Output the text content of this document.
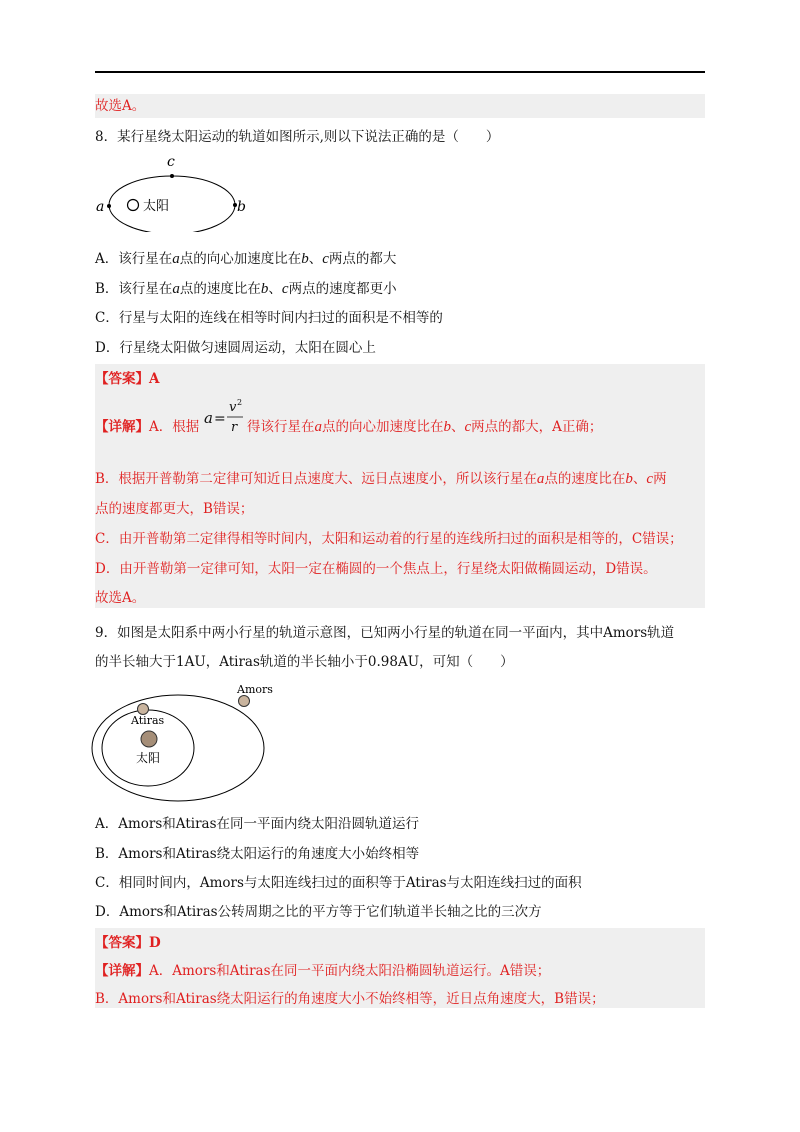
故选A。
8．某行星绕太阳运动的轨道如图所示,则以下说法正确的是（　　）
a	b
c
太阳
A．该行星在a点的向心加速度比在b、c两点的都大
B．该行星在a点的速度比在b、c两点的速度都更小
C．行星与太阳的连线在相等时间内扫过的面积是不相等的
D．行星绕太阳做匀速圆周运动，太阳在圆心上
【答案】A
【详解】A．根据 a =
v 2
r 得该行星在a点的向心加速度比在b、c两点的都大，A正确；
B．根据开普勒第二定律可知近日点速度大、远日点速度小，所以该行星在a点的速度比在b、c两
点的速度都更大，B错误；
C．由开普勒第二定律得相等时间内，太阳和运动着的行星的连线所扫过的面积是相等的，C错误；
D．由开普勒第一定律可知，太阳一定在椭圆的一个焦点上，行星绕太阳做椭圆运动，D错误。
故选A。
9．如图是太阳系中两小行星的轨道示意图，已知两小行星的轨道在同一平面内，其中Amors轨道
的半长轴大于1AU，Atiras轨道的半长轴小于0.98AU，可知（　　）
Amors
Atiras
太阳
A．Amors和Atiras在同一平面内绕太阳沿圆轨道运行
B．Amors和Atiras绕太阳运行的角速度大小始终相等
C．相同时间内，Amors与太阳连线扫过的面积等于Atiras与太阳连线扫过的面积
D．Amors和Atiras公转周期之比的平方等于它们轨道半长轴之比的三次方
【答案】D
【详解】A．Amors和Atiras在同一平面内绕太阳沿椭圆轨道运行。A错误；
B．Amors和Atiras绕太阳运行的角速度大小不始终相等，近日点角速度大，B错误；
